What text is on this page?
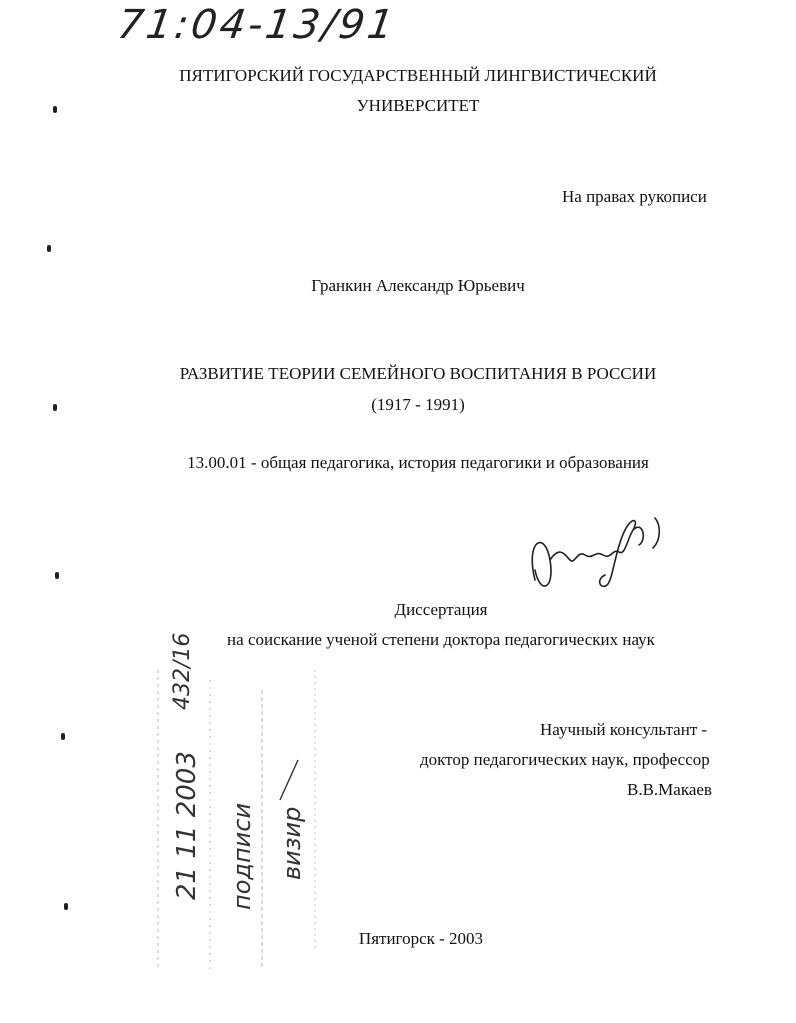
71:04-13/91
ПЯТИГОРСКИЙ ГОСУДАРСТВЕННЫЙ ЛИНГВИСТИЧЕСКИЙ
УНИВЕРСИТЕТ
На правах рукописи
Гранкин Александр Юрьевич
РАЗВИТИЕ ТЕОРИИ СЕМЕЙНОГО ВОСПИТАНИЯ В РОССИИ
(1917 - 1991)
13.00.01 - общая педагогика, история педагогики и образования
Диссертация
на соискание ученой степени доктора педагогических наук
432/16
21 11 2003 подписи визир
Научный консультант -
доктор педагогических наук, профессор
В.В.Макаев
Пятигорск - 2003
